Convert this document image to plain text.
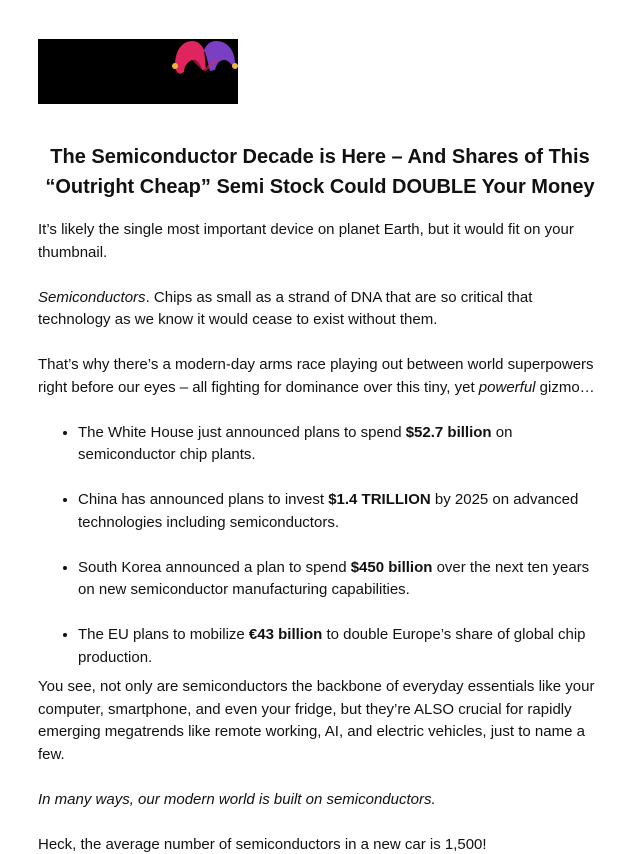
The Semiconductor Decade is Here – And Shares of This
“Outright Cheap” Semi Stock Could DOUBLE Your Money

It’s likely the single most important device on planet Earth, but it would fit on your thumbnail.

Semiconductors. Chips as small as a strand of DNA that are so critical that technology as we know it would cease to exist without them.

That’s why there’s a modern-day arms race playing out between world superpowers right before our eyes – all fighting for dominance over this tiny, yet powerful gizmo…

• The White House just announced plans to spend $52.7 billion on semiconductor chip plants.
• China has announced plans to invest $1.4 TRILLION by 2025 on advanced technologies including semiconductors.
• South Korea announced a plan to spend $450 billion over the next ten years on new semiconductor manufacturing capabilities.
• The EU plans to mobilize €43 billion to double Europe’s share of global chip production.

You see, not only are semiconductors the backbone of everyday essentials like your computer, smartphone, and even your fridge, but they’re ALSO crucial for rapidly emerging megatrends like remote working, AI, and electric vehicles, just to name a few.

In many ways, our modern world is built on semiconductors.

Heck, the average number of semiconductors in a new car is 1,500!
